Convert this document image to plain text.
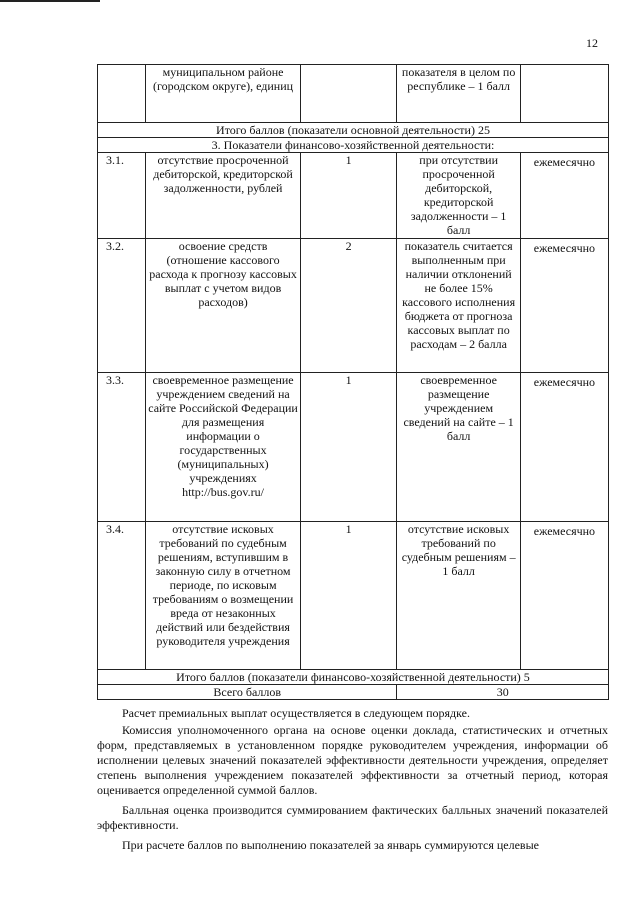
12
	муниципальном районе (городском округе), единиц		показателя в целом по республике – 1 балл	
Итого баллов (показатели основной деятельности) 25				
3. Показатели финансово-хозяйственной деятельности:				
3.1.	отсутствие просроченной дебиторской, кредиторской задолженности, рублей	1	при отсутствии просроченной дебиторской, кредиторской задолженности – 1 балл	ежемесячно
3.2.	освоение средств (отношение кассового расхода к прогнозу кассовых выплат с учетом видов расходов)	2	показатель считается выполненным при наличии отклонений не более 15% кассового исполнения бюджета от прогноза кассовых выплат по расходам – 2 балла	ежемесячно
3.3.	своевременное размещение учреждением сведений на сайте Российской Федерации для размещения информации о государственных (муниципальных) учреждениях http://bus.gov.ru/	1	своевременное размещение учреждением сведений на сайте – 1 балл	ежемесячно
3.4.	отсутствие исковых требований по судебным решениям, вступившим в законную силу в отчетном периоде, по исковым требованиям о возмещении вреда от незаконных действий или бездействия руководителя учреждения	1	отсутствие исковых требований по судебным решениям – 1 балл	ежемесячно
Итого баллов (показатели финансово-хозяйственной деятельности) 5				
Всего баллов			30	

Расчет премиальных выплат осуществляется в следующем порядке.

Комиссия уполномоченного органа на основе оценки доклада, статистических и отчетных форм, представляемых в установленном порядке руководителем учреждения, информации об исполнении целевых значений показателей эффективности деятельности учреждения, определяет степень выполнения учреждением показателей эффективности за отчетный период, которая оценивается определенной суммой баллов.

Балльная оценка производится суммированием фактических балльных значений показателей эффективности.

При расчете баллов по выполнению показателей за январь суммируются целевые
